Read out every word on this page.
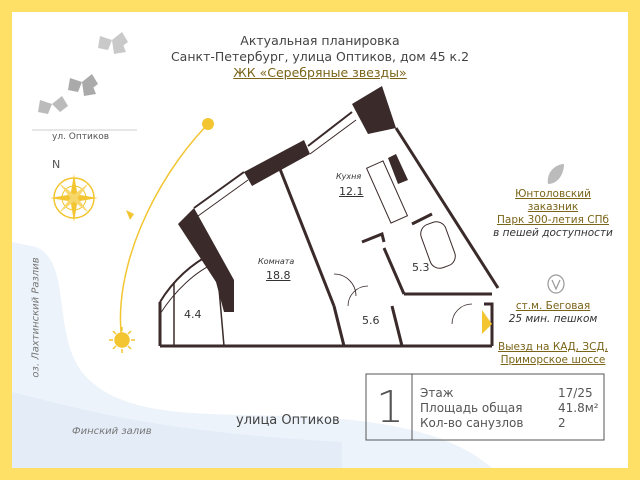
Актуальная планировка
Санкт-Петербург, улица Оптиков, дом 45 к.2
ЖК «Серебряные звезды»
ул. Оптиков
N
оз. Лахтинский Разлив
Финский залив
улица Оптиков
Кухня
12.1
Комната
18.8
5.3
5.6
4.4
Юнтоловский
заказник
Парк 300-летия СПб
в пешей доступности
ст.м. Беговая
25 мин. пешком
Выезд на КАД, ЗСД,
Приморское шоссе
1 Этаж	17/25
Площадь общая	41.8м²
Кол-во санузлов	2
